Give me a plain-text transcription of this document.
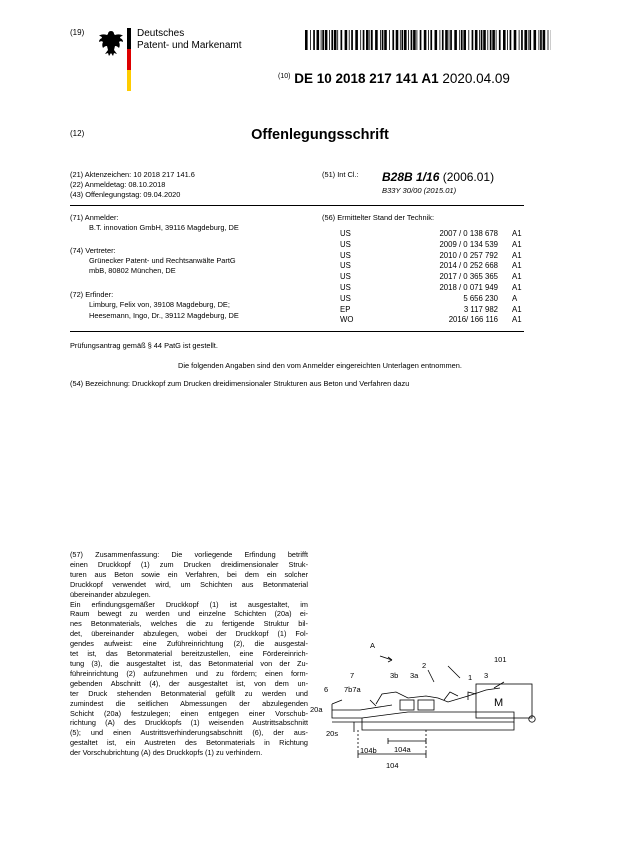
(19)	Deutsches
Patent- und Markenamt
$^{(10)}$ DE 10 2018 217 141 A1 2020.04.09
(12)	Offenlegungsschrift
(21) Aktenzeichen: 10 2018 217 141.6
(22) Anmeldetag: 08.10.2018
(43) Offenlegungstag: 09.04.2020
(51) Int Cl.: B28B 1/16 (2006.01)
B33Y 30/00 (2015.01)
(71) Anmelder:
B.T. innovation GmbH, 39116 Magdeburg, DE
(74) Vertreter:
Grünecker Patent- und Rechtsanwälte PartG
mbB, 80802 München, DE
(72) Erfinder:
Limburg, Felix von, 39108 Magdeburg, DE;
Heesemann, Ingo, Dr., 39112 Magdeburg, DE
(56) Ermittelter Stand der Technik:
US	2007 / 0 138 678 A1
US	2009 / 0 134 539 A1
US	2010 / 0 257 792 A1
US	2014 / 0 252 668 A1
US	2017 / 0 365 365 A1
US	2018 / 0 071 949 A1
US	5 656 230 A
EP	3 117 982 A1
WO	2016/ 166 116 A1
Prüfungsantrag gemäß § 44 PatG ist gestellt.
Die folgenden Angaben sind den vom Anmelder eingereichten Unterlagen entnommen.
(54) Bezeichnung: Druckkopf zum Drucken dreidimensionaler Strukturen aus Beton und Verfahren dazu

(57) Zusammenfassung: Die vorliegende Erfindung betrifft

einen Druckkopf (1) zum Drucken dreidimensionaler Struk-

turen aus Beton sowie ein Verfahren, bei dem ein solcher

Druckkopf verwendet wird, um Schichten aus Betonmaterial

übereinander abzulegen.

Ein erfindungsgemäßer Druckkopf (1) ist ausgestaltet, im

Raum bewegt zu werden und einzelne Schichten (20a) ei-

nes Betonmaterials, welches die zu fertigende Struktur bil-

det, übereinander abzulegen, wobei der Druckkopf (1) Fol-

gendes aufweist: eine Zuführeinrichtung (2), die ausgestal-

tet ist, das Betonmaterial bereitzustellen, eine Fördereinrich-

tung (3), die ausgestaltet ist, das Betonmaterial von der Zu-

führeinrichtung (2) aufzunehmen und zu fördern; einen form-

gebenden Abschnitt (4), der ausgestaltet ist, von dem un-

ter Druck stehenden Betonmaterial gefüllt zu werden und

zumindest die seitlichen Abmessungen der abzulegenden

Schicht (20a) festzulegen; einen entgegen einer Vorschub-

richtung (A) des Druckkopfs (1) weisenden Austrittsabschnitt

(5); und einen Austrittsverhinderungsabschnitt (6), der aus-

gestaltet ist, ein Austreten des Betonmaterials in Richtung

der Vorschubrichtung (A) des Druckkopfs (1) zu verhindern.

A
101
2
7
7b7a
3b 3a	1 3
M
6
20a
20s
104b 104a
104
